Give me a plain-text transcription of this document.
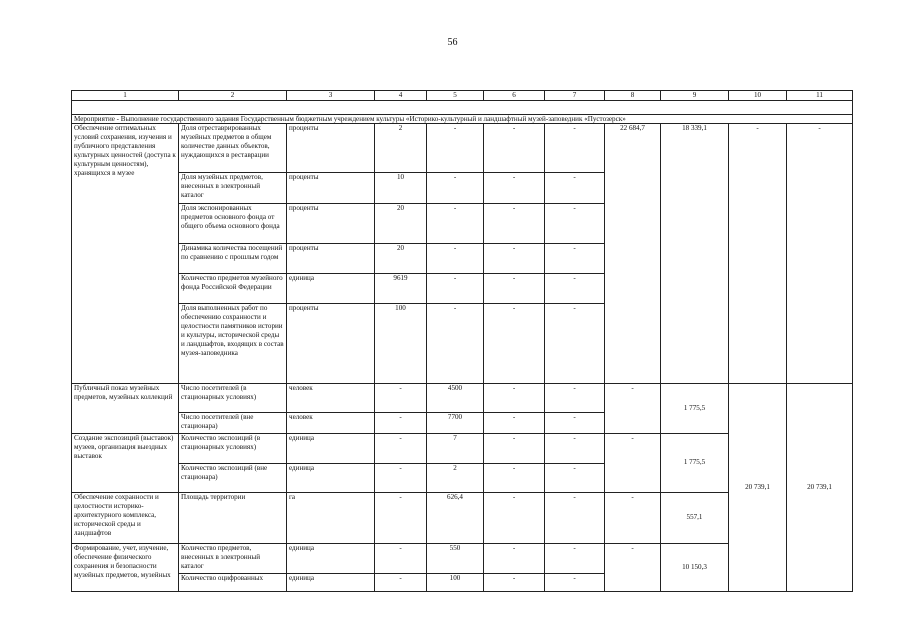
56
1	2	3	4	5	6	7	8	9	10	11

Мероприятие - Выполнение государственного задания Государственным бюджетным учреждением культуры «Историко-культурный и ландшафтный музей-заповедник «Пустозерск»										
Обеспечение оптимальных условий сохранения, изучения и публичного представления культурных ценностей (доступа к культурным ценностям), хранящихся в музее	Доля отреставрированных музейных предметов в общем количестве данных объектов, нуждающихся в реставрации	проценты	2	-	-	-	22 684,7	18 339,1	-	-
	Доля музейных предметов, внесенных в электронный каталог	проценты	10	-	-	-				
	Доля экспонированных предметов основного фонда от общего объема основного фонда	проценты	20	-	-	-				
	Динамика количества посещений по сравнению с прошлым годом	проценты	20	-	-	-				
	Количество предметов музейного фонда Российской Федерации	единица	9619	-	-	-				
	Доля выполненных работ по обеспечению сохранности и целостности памятников истории и культуры, исторической среды и ландшафтов, входящих в состав музея-заповедника	проценты	100	-	-	-				
Публичный показ музейных предметов, музейных коллекций	Число посетителей (в стационарных условиях)	человек	-	4500	-	-	-	1 775,5	20 739,1	20 739,1
	Число посетителей (вне стационара)	человек	-	7700	-	-				
Создание экспозиций (выставок) музеев, организация выездных выставок	Количество экспозиций (в стационарных условиях)	единица	-	7	-	-	-	1 775,5		
	Количество экспозиций (вне стационара)	единица	-	2	-	-				
Обеспечение сохранности и целостности историко-архитектурного комплекса, исторической среды и ландшафтов	Площадь территории	га	-	626,4	-	-	-	557,1		
Формирование, учет, изучение, обеспечение физического сохранения и безопасности музейных предметов, музейных	Количество предметов, внесенных в электронный каталог	единица	-	550	-	-	-	10 150,3		
	Количество оцифрованных	единица	-	100	-	-				
